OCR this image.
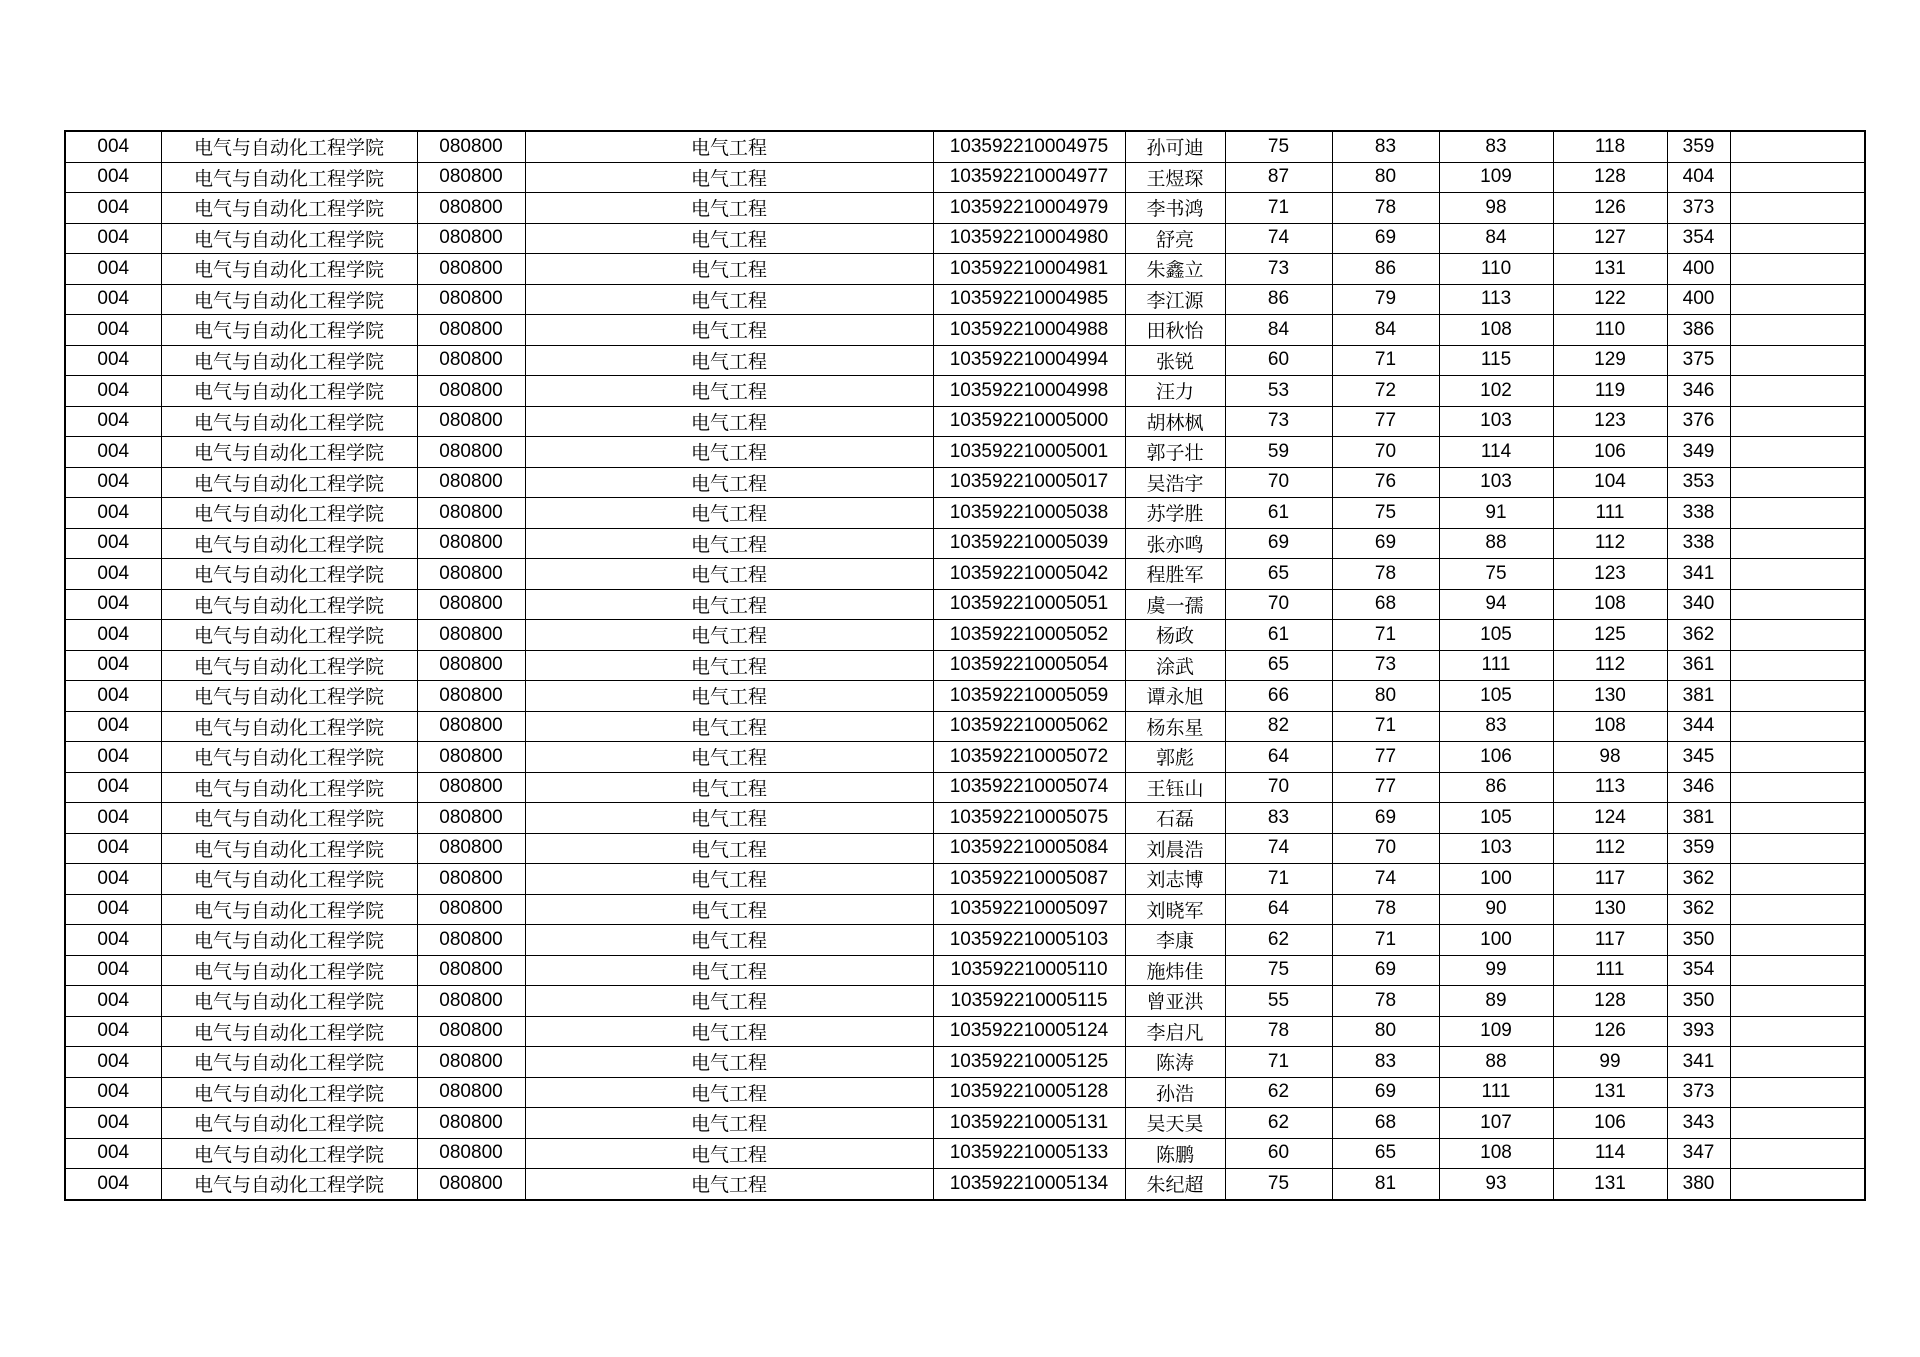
004	电气与自动化工程学院	080800	电气工程	103592210004975	孙可迪	75	83	83	118	359	
004	电气与自动化工程学院	080800	电气工程	103592210004977	王煜琛	87	80	109	128	404	
004	电气与自动化工程学院	080800	电气工程	103592210004979	李书鸿	71	78	98	126	373	
004	电气与自动化工程学院	080800	电气工程	103592210004980	舒亮	74	69	84	127	354	
004	电气与自动化工程学院	080800	电气工程	103592210004981	朱鑫立	73	86	110	131	400	
004	电气与自动化工程学院	080800	电气工程	103592210004985	李江源	86	79	113	122	400	
004	电气与自动化工程学院	080800	电气工程	103592210004988	田秋怡	84	84	108	110	386	
004	电气与自动化工程学院	080800	电气工程	103592210004994	张锐	60	71	115	129	375	
004	电气与自动化工程学院	080800	电气工程	103592210004998	汪力	53	72	102	119	346	
004	电气与自动化工程学院	080800	电气工程	103592210005000	胡林枫	73	77	103	123	376	
004	电气与自动化工程学院	080800	电气工程	103592210005001	郭子壮	59	70	114	106	349	
004	电气与自动化工程学院	080800	电气工程	103592210005017	吴浩宇	70	76	103	104	353	
004	电气与自动化工程学院	080800	电气工程	103592210005038	苏学胜	61	75	91	111	338	
004	电气与自动化工程学院	080800	电气工程	103592210005039	张亦鸣	69	69	88	112	338	
004	电气与自动化工程学院	080800	电气工程	103592210005042	程胜军	65	78	75	123	341	
004	电气与自动化工程学院	080800	电气工程	103592210005051	虞一孺	70	68	94	108	340	
004	电气与自动化工程学院	080800	电气工程	103592210005052	杨政	61	71	105	125	362	
004	电气与自动化工程学院	080800	电气工程	103592210005054	涂武	65	73	111	112	361	
004	电气与自动化工程学院	080800	电气工程	103592210005059	谭永旭	66	80	105	130	381	
004	电气与自动化工程学院	080800	电气工程	103592210005062	杨东星	82	71	83	108	344	
004	电气与自动化工程学院	080800	电气工程	103592210005072	郭彪	64	77	106	98	345	
004	电气与自动化工程学院	080800	电气工程	103592210005074	王钰山	70	77	86	113	346	
004	电气与自动化工程学院	080800	电气工程	103592210005075	石磊	83	69	105	124	381	
004	电气与自动化工程学院	080800	电气工程	103592210005084	刘晨浩	74	70	103	112	359	
004	电气与自动化工程学院	080800	电气工程	103592210005087	刘志博	71	74	100	117	362	
004	电气与自动化工程学院	080800	电气工程	103592210005097	刘晓军	64	78	90	130	362	
004	电气与自动化工程学院	080800	电气工程	103592210005103	李康	62	71	100	117	350	
004	电气与自动化工程学院	080800	电气工程	103592210005110	施炜佳	75	69	99	111	354	
004	电气与自动化工程学院	080800	电气工程	103592210005115	曾亚洪	55	78	89	128	350	
004	电气与自动化工程学院	080800	电气工程	103592210005124	李启凡	78	80	109	126	393	
004	电气与自动化工程学院	080800	电气工程	103592210005125	陈涛	71	83	88	99	341	
004	电气与自动化工程学院	080800	电气工程	103592210005128	孙浩	62	69	111	131	373	
004	电气与自动化工程学院	080800	电气工程	103592210005131	吴天昊	62	68	107	106	343	
004	电气与自动化工程学院	080800	电气工程	103592210005133	陈鹏	60	65	108	114	347	
004	电气与自动化工程学院	080800	电气工程	103592210005134	朱纪超	75	81	93	131	380	
